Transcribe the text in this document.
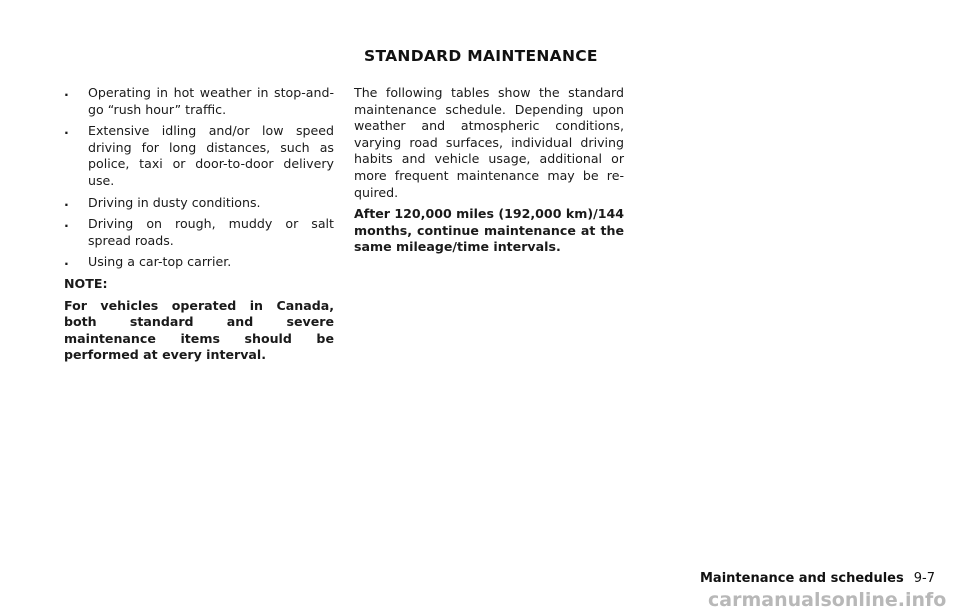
STANDARD MAINTENANCE
. Operating in hot weather in stop-and-go “rush hour” traffic.
. Extensive idling and/or low speed driving for long distances, such as police, taxi or door-to-door delivery use.
. Driving in dusty conditions.
. Driving on rough, muddy or salt spread roads.
. Using a car-top carrier.

NOTE:

For vehicles operated in Canada, both standard and severe maintenance items should be performed at every interval.

The following tables show the standard maintenance schedule. Depending upon weather and atmospheric conditions, varying road surfaces, individual driving habits and vehicle usage, additional or more frequent maintenance may be re-quired.

After 120,000 miles (192,000 km)/144 months, continue maintenance at the same mileage/time intervals.

Maintenance and schedules 9-7
carmanualsonline.info
